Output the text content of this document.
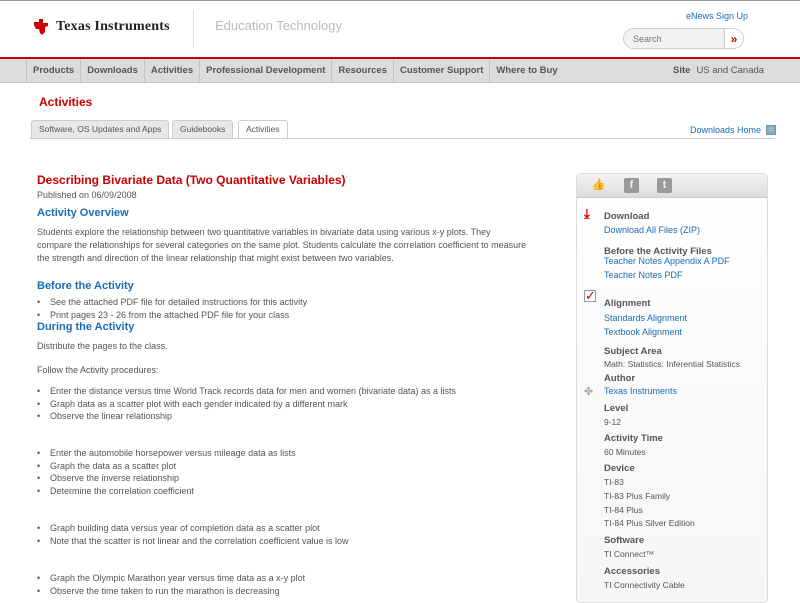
Texas Instruments	Education Technology
eNews Sign Up
Search
»
Products	Downloads	Activities	Professional Development	Resources	Customer Support	Where to Buy	Site US and Canada
Activities
Software, OS Updates and Apps	Guidebooks	Activities	Downloads Home	⌂
Describing Bivariate Data (Two Quantitative Variables)
Published on 06/09/2008
Activity Overview
Students explore the relationship between two quantitative variables in bivariate data using various x-y plots. They compare the relationships for several categories on the same plot. Students calculate the correlation coefficient to measure the strength and direction of the linear relationship that might exist between two variables.
Before the Activity
• See the attached PDF file for detailed instructions for this activity
• Print pages 23 - 26 from the attached PDF file for your class
During the Activity
Distribute the pages to the class.
Follow the Activity procedures:
• Enter the distance versus time World Track records data for men and women (bivariate data) as a lists
• Graph data as a scatter plot with each gender indicated by a different mark
• Observe the linear relationship
• Enter the automobile horsepower versus mileage data as lists
• Graph the data as a scatter plot
• Observe the inverse relationship
• Determine the correlation coefficient
• Graph building data versus year of completion data as a scatter plot
• Note that the scatter is not linear and the correlation coefficient value is low
• Graph the Olympic Marathon year versus time data as a x-y plot
• Observe the time taken to run the marathon is decreasing
👍	f	t
⤓ Download
Download All Files (ZIP)
Before the Activity Files
Teacher Notes Appendix A PDF
Teacher Notes PDF
✓
Alignment
Standards Alignment
Textbook Alignment
Subject Area
Math: Statistics: Inferential Statistics
Author
✤ Texas Instruments
Level
9-12
Activity Time
60 Minutes
Device
TI-83
TI-83 Plus Family
TI-84 Plus
TI-84 Plus Silver Edition
Software
TI Connect™
Accessories
TI Connectivity Cable
